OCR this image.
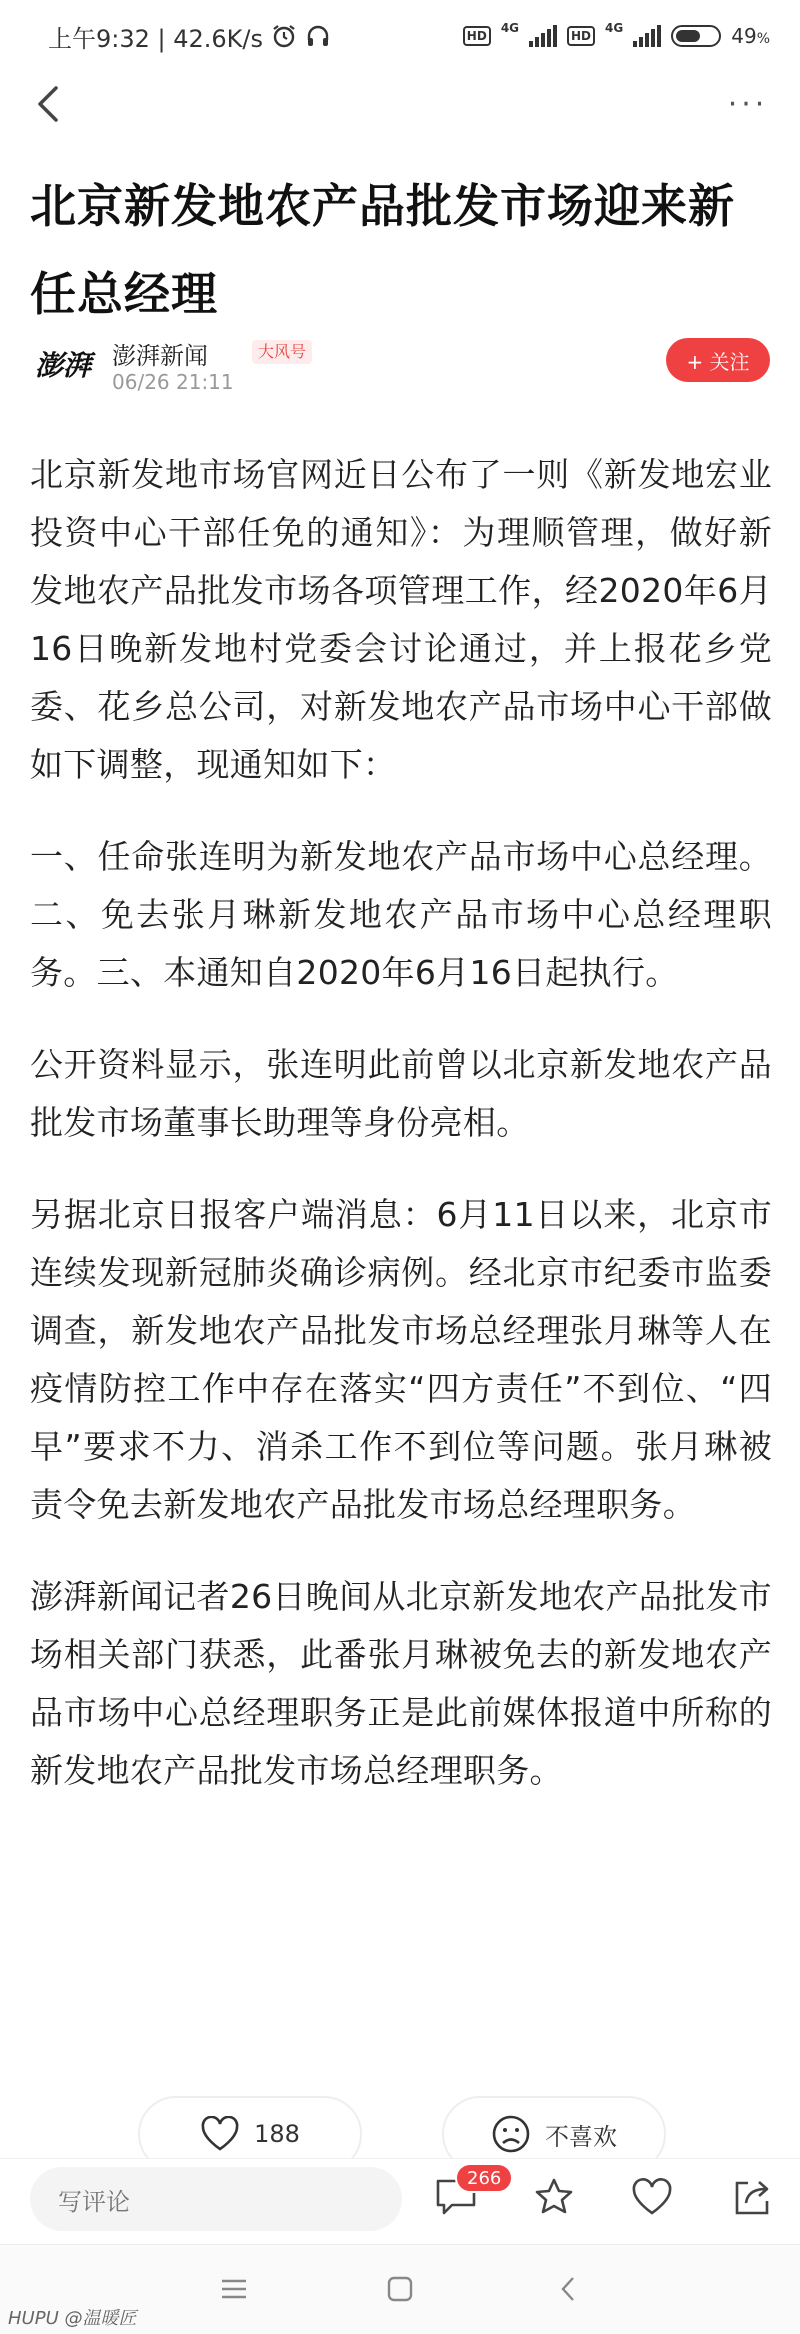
上午9:32 | 42.6K/s	HD
4G
HD
4G	49%
···
北京新发地农产品批发市场迎来新任总经理
澎湃 澎湃新闻	大风号
06/26 21:11
+ 关注

北京新发地市场官网近日公布了一则《新发地宏业投资中心干部任免的通知》：为理顺管理，做好新发地农产品批发市场各项管理工作，经2020年6月16日晚新发地村党委会讨论通过，并上报花乡党委、花乡总公司，对新发地农产品市场中心干部做如下调整，现通知如下：

一、任命张连明为新发地农产品市场中心总经理。二、免去张月琳新发地农产品市场中心总经理职务。三、本通知自2020年6月16日起执行。

公开资料显示，张连明此前曾以北京新发地农产品批发市场董事长助理等身份亮相。

另据北京日报客户端消息：6月11日以来，北京市连续发现新冠肺炎确诊病例。经北京市纪委市监委调查，新发地农产品批发市场总经理张月琳等人在疫情防控工作中存在落实“四方责任”不到位、“四早”要求不力、消杀工作不到位等问题。张月琳被责令免去新发地农产品批发市场总经理职务。

澎湃新闻记者26日晚间从北京新发地农产品批发市场相关部门获悉，此番张月琳被免去的新发地农产品市场中心总经理职务正是此前媒体报道中所称的新发地农产品批发市场总经理职务。

188	不喜欢
写评论
266
HUPU @温暖匠
